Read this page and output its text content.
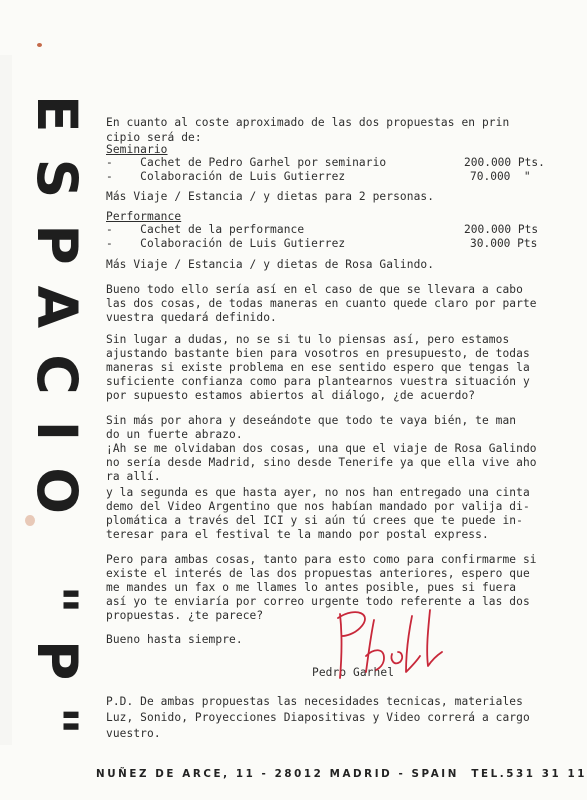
ESPACIO "P"
En cuanto al coste aproximado de las dos propuestas en prin
cipio será de:
Seminario
-    Cachet de Pedro Garhel por seminario	200.000 Pts.
-    Colaboración de Luis Gutierrez	70.000  "
Más Viaje / Estancia / y dietas para 2 personas.
Performance
-    Cachet de la performance	200.000 Pts
-    Colaboración de Luis Gutierrez	30.000 Pts
Más Viaje / Estancia / y dietas de Rosa Galindo.
Bueno todo ello sería así en el caso de que se llevara a cabo
las dos cosas, de todas maneras en cuanto quede claro por parte
vuestra quedará definido.
Sin lugar a dudas, no se si tu lo piensas así, pero estamos
ajustando bastante bien para vosotros en presupuesto, de todas
maneras si existe problema en ese sentido espero que tengas la
suficiente confianza como para plantearnos vuestra situación y
por supuesto estamos abiertos al diálogo, ¿de acuerdo?
Sin más por ahora y deseándote que todo te vaya bién, te man
do un fuerte abrazo.
¡Ah se me olvidaban dos cosas, una que el viaje de Rosa Galindo
no sería desde Madrid, sino desde Tenerife ya que ella vive aho
ra allí.
y la segunda es que hasta ayer, no nos han entregado una cinta
demo del Video Argentino que nos habían mandado por valija di-
plomática a través del ICI y si aún tú crees que te puede in-
teresar para el festival te la mando por postal express.
Pero para ambas cosas, tanto para esto como para confirmarme si
existe el interés de las dos propuestas anteriores, espero que
me mandes un fax o me llames lo antes posible, pues si fuera
así yo te enviaría por correo urgente todo referente a las dos
propuestas. ¿te parece?
Bueno hasta siempre.
Pedro Garhel
P.D. De ambas propuestas las necesidades tecnicas, materiales
Luz, Sonido, Proyecciones Diapositivas y Video correrá a cargo
vuestro.
NUÑEZ DE ARCE, 11 - 28012 MADRID - SPAIN  TEL.531 31 11
